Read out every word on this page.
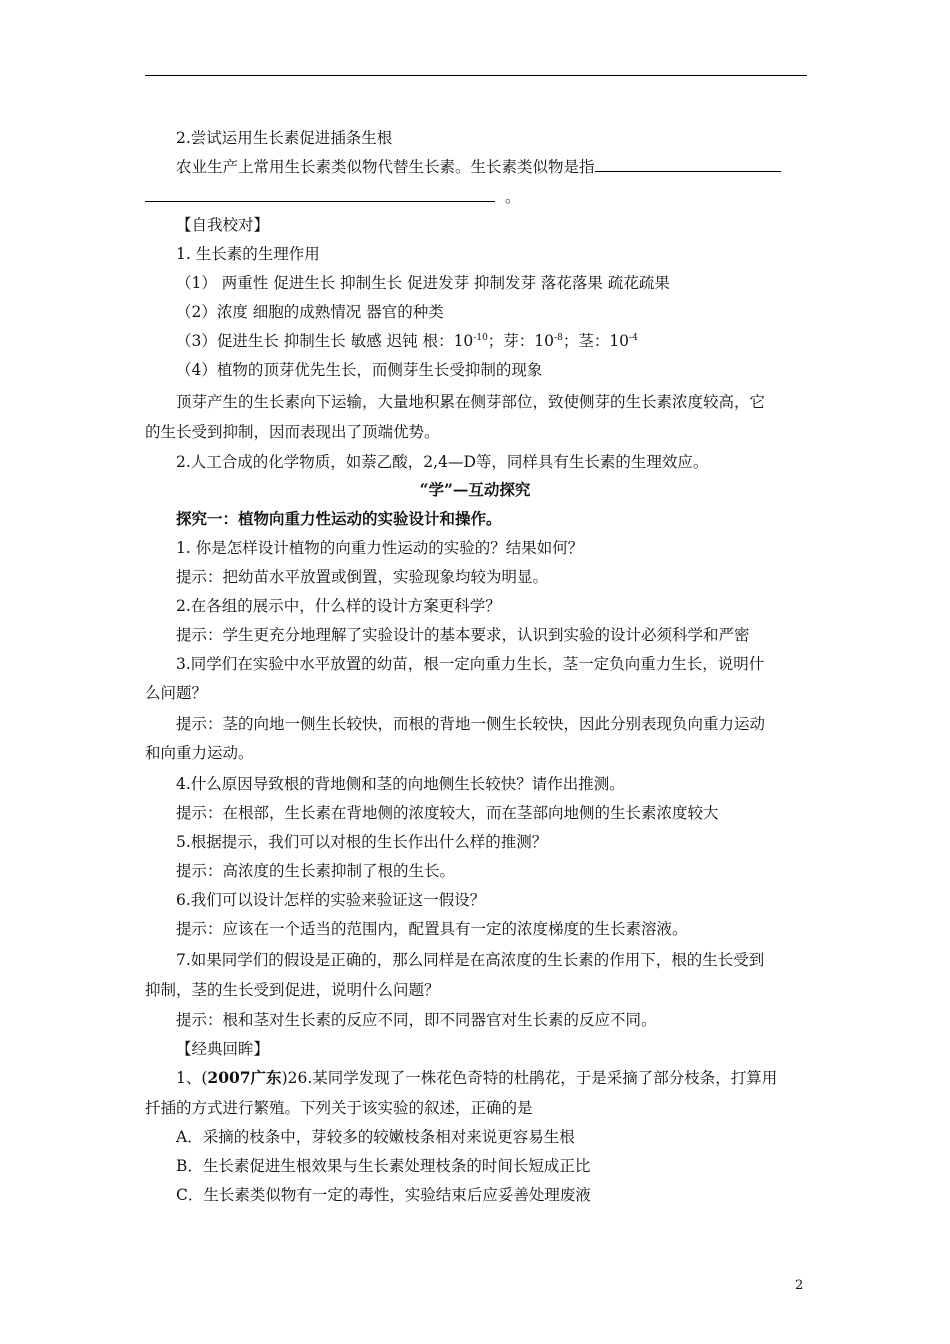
2.尝试运用生长素促进插条生根
农业生产上常用生长素类似物代替生长素。生长素类似物是指
。
【自我校对】
1. 生长素的生理作用
（1） 两重性 促进生长 抑制生长 促进发芽 抑制发芽 落花落果 疏花疏果
（2）浓度 细胞的成熟情况 器官的种类
（3）促进生长 抑制生长 敏感 迟钝 根：$10^{-10}$；芽：$10^{-8}$；茎：$10^{-4}$
（4）植物的顶芽优先生长，而侧芽生长受抑制的现象
顶芽产生的生长素向下运输，大量地积累在侧芽部位，致使侧芽的生长素浓度较高，它
的生长受到抑制，因而表现出了顶端优势。
2.人工合成的化学物质，如萘乙酸，2,4—D等，同样具有生长素的生理效应。
“学”—互动探究
探究一：植物向重力性运动的实验设计和操作。
1. 你是怎样设计植物的向重力性运动的实验的？结果如何？
提示：把幼苗水平放置或倒置，实验现象均较为明显。
2.在各组的展示中，什么样的设计方案更科学？
提示：学生更充分地理解了实验设计的基本要求，认识到实验的设计必须科学和严密
3.同学们在实验中水平放置的幼苗，根一定向重力生长，茎一定负向重力生长，说明什
么问题？
提示：茎的向地一侧生长较快，而根的背地一侧生长较快，因此分别表现负向重力运动
和向重力运动。
4.什么原因导致根的背地侧和茎的向地侧生长较快？请作出推测。
提示：在根部，生长素在背地侧的浓度较大，而在茎部向地侧的生长素浓度较大
5.根据提示，我们可以对根的生长作出什么样的推测？
提示：高浓度的生长素抑制了根的生长。
6.我们可以设计怎样的实验来验证这一假设？
提示：应该在一个适当的范围内，配置具有一定的浓度梯度的生长素溶液。
7.如果同学们的假设是正确的，那么同样是在高浓度的生长素的作用下，根的生长受到
抑制，茎的生长受到促进，说明什么问题？
提示：根和茎对生长素的反应不同，即不同器官对生长素的反应不同。
【经典回眸】
1、(2007广东)26.某同学发现了一株花色奇特的杜鹃花，于是采摘了部分枝条，打算用
扦插的方式进行繁殖。下列关于该实验的叙述，正确的是
A．采摘的枝条中，芽较多的较嫩枝条相对来说更容易生根
B．生长素促进生根效果与生长素处理枝条的时间长短成正比
C．生长素类似物有一定的毒性，实验结束后应妥善处理废液
2
